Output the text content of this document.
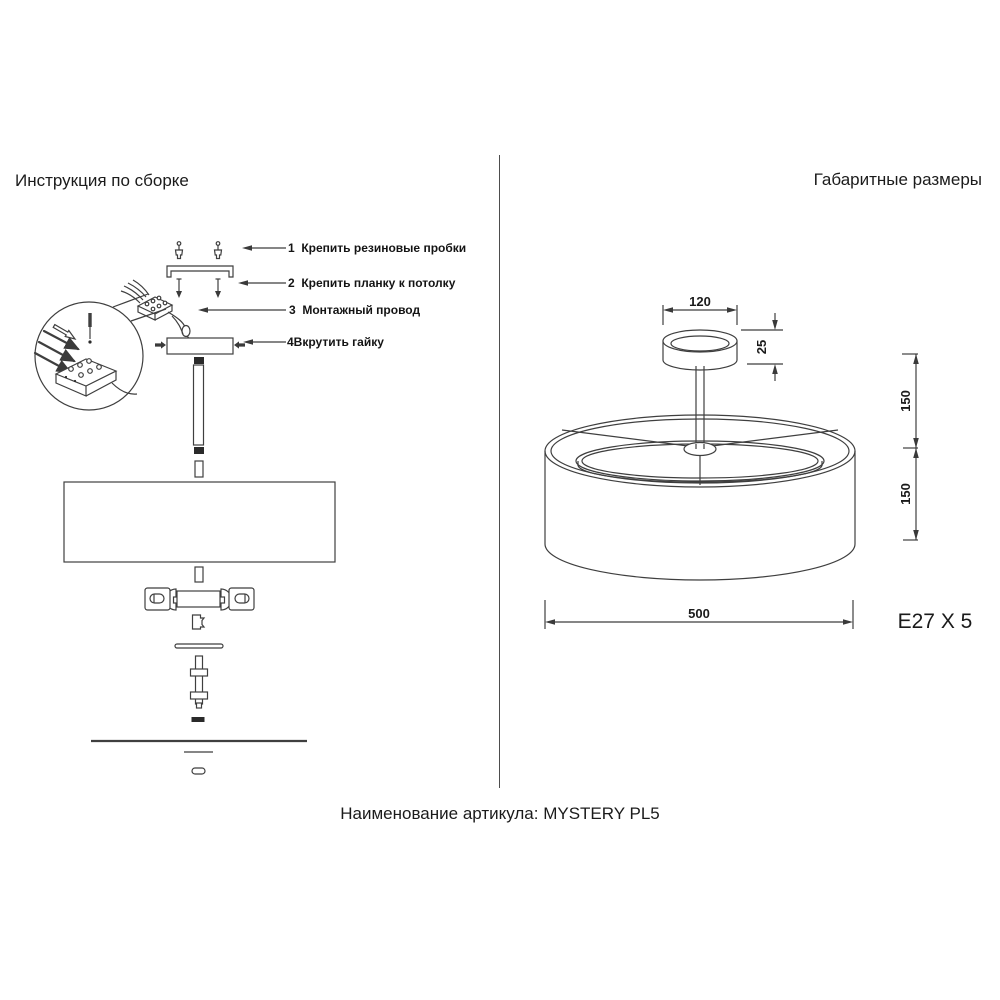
Инструкция по сборке	Габаритные размеры
1  Крепить резиновые пробки
2  Крепить планку к потолку
3  Монтажный провод
4Вкрутить гайку
120
25
150
150
500	E27 X 5
Наименование артикула: MYSTERY PL5
